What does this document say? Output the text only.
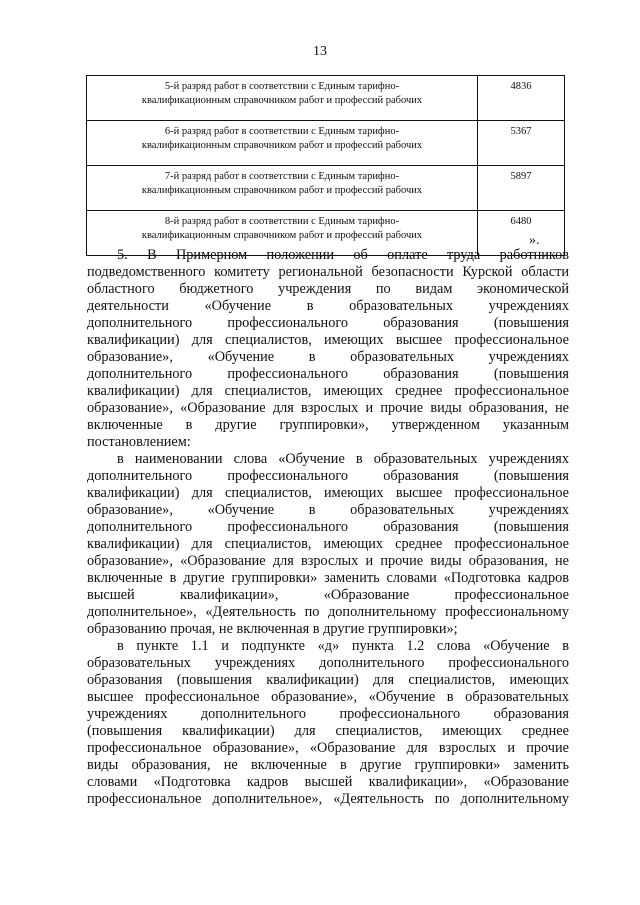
13
5-й разряд работ в соответствии с Единым тарифно-
квалификационным справочником работ и профессий рабочих	4836

6-й разряд работ в соответствии с Единым тарифно-
квалификационным справочником работ и профессий рабочих	5367

7-й разряд работ в соответствии с Единым тарифно-
квалификационным справочником работ и профессий рабочих	5897

8-й разряд работ в соответствии с Единым тарифно-
квалификационным справочником работ и профессий рабочих	6480
».
5. В Примерном положении об оплате труда работников
подведомственного комитету региональной безопасности Курской области
областного бюджетного учреждения по видам экономической
деятельности «Обучение в образовательных учреждениях
дополнительного профессионального образования (повышения
квалификации) для специалистов, имеющих высшее профессиональное
образование», «Обучение в образовательных учреждениях
дополнительного профессионального образования (повышения
квалификации) для специалистов, имеющих среднее профессиональное
образование», «Образование для взрослых и прочие виды образования, не
включенные в другие группировки», утвержденном указанным
постановлением:
в наименовании слова «Обучение в образовательных учреждениях
дополнительного профессионального образования (повышения
квалификации) для специалистов, имеющих высшее профессиональное
образование», «Обучение в образовательных учреждениях
дополнительного профессионального образования (повышения
квалификации) для специалистов, имеющих среднее профессиональное
образование», «Образование для взрослых и прочие виды образования, не
включенные в другие группировки» заменить словами «Подготовка кадров
высшей квалификации», «Образование профессиональное
дополнительное», «Деятельность по дополнительному профессиональному
образованию прочая, не включенная в другие группировки»;
в пункте 1.1 и подпункте «д» пункта 1.2 слова «Обучение в
образовательных учреждениях дополнительного профессионального
образования (повышения квалификации) для специалистов, имеющих
высшее профессиональное образование», «Обучение в образовательных
учреждениях дополнительного профессионального образования
(повышения квалификации) для специалистов, имеющих среднее
профессиональное образование», «Образование для взрослых и прочие
виды образования, не включенные в другие группировки» заменить
словами «Подготовка кадров высшей квалификации», «Образование
профессиональное дополнительное», «Деятельность по дополнительному
